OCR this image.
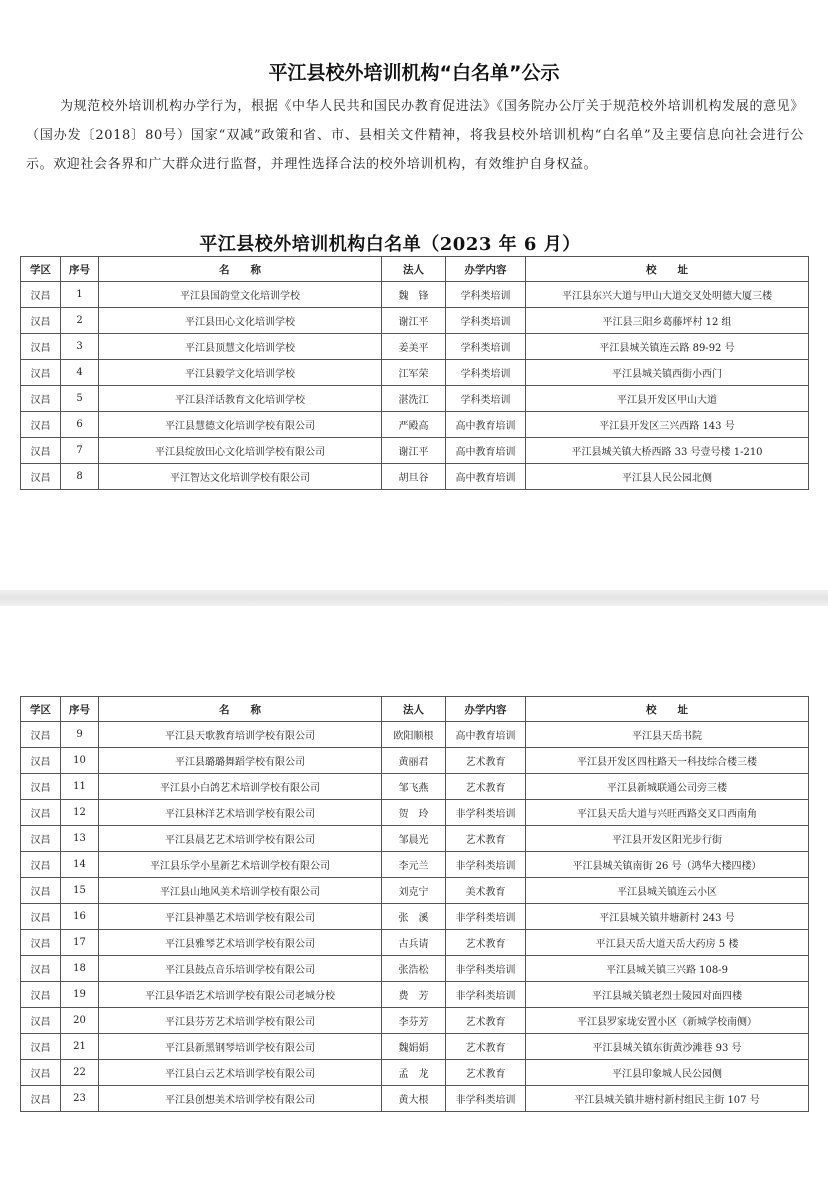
平江县校外培训机构“白名单”公示
为规范校外培训机构办学行为，根据《中华人民共和国民办教育促进法》《国务院办公厅关于规范校外培训机构发展的意见》（国办发〔2018〕80号）国家“双减”政策和省、市、县相关文件精神，将我县校外培训机构“白名单”及主要信息向社会进行公示。欢迎社会各界和广大群众进行监督，并理性选择合法的校外培训机构，有效维护自身权益。
平江县校外培训机构白名单（2023 年 6 月）
学区	序号	名　　称	法人	办学内容	校　　址
汉昌	1	平江县国韵堂文化培训学校	魏　锋	学科类培训	平江县东兴大道与甲山大道交叉处明德大厦三楼
汉昌	2	平江县田心文化培训学校	谢江平	学科类培训	平江县三阳乡葛藤坪村 12 组
汉昌	3	平江县顶慧文化培训学校	姜美平	学科类培训	平江县城关镇连云路 89-92 号
汉昌	4	平江县毅学文化培训学校	江军荣	学科类培训	平江县城关镇西街小西门
汉昌	5	平江县洋话教育文化培训学校	湛洗江	学科类培训	平江县开发区甲山大道
汉昌	6	平江县慧德文化培训学校有限公司	严殿高	高中教育培训	平江县开发区三兴西路 143 号
汉昌	7	平江县绽放田心文化培训学校有限公司	谢江平	高中教育培训	平江县城关镇大桥西路 33 号壹号楼 1-210
汉昌	8	平江智达文化培训学校有限公司	胡旦谷	高中教育培训	平江县人民公园北侧
学区	序号	名　　称	法人	办学内容	校　　址
汉昌	9	平江县天歌教育培训学校有限公司	欧阳顺根	高中教育培训	平江县天岳书院
汉昌	10	平江县璐璐舞蹈学校有限公司	黄丽君	艺术教育	平江县开发区四柱路天一科技综合楼三楼
汉昌	11	平江县小白鸽艺术培训学校有限公司	邹飞燕	艺术教育	平江县新城联通公司旁三楼
汉昌	12	平江县林洋艺术培训学校有限公司	贺　玲	非学科类培训	平江县天岳大道与兴旺西路交叉口西南角
汉昌	13	平江县晨艺艺术培训学校有限公司	邹晨光	艺术教育	平江县开发区阳光步行街
汉昌	14	平江县乐学小星新艺术培训学校有限公司	李元兰	非学科类培训	平江县城关镇南街 26 号（鸿华大楼四楼）
汉昌	15	平江县山地风美术培训学校有限公司	刘克宁	美术教育	平江县城关镇连云小区
汉昌	16	平江县神墨艺术培训学校有限公司	张　溪	非学科类培训	平江县城关镇井塘新村 243 号
汉昌	17	平江县雅琴艺术培训学校有限公司	古兵请	艺术教育	平江县天岳大道天岳大药房 5 楼
汉昌	18	平江县鼓点音乐培训学校有限公司	张浩松	非学科类培训	平江县城关镇三兴路 108-9
汉昌	19	平江县华语艺术培训学校有限公司老城分校	费　芳	非学科类培训	平江县城关镇老烈士陵园对面四楼
汉昌	20	平江县芬芳艺术培训学校有限公司	李芬芳	艺术教育	平江县罗家垅安置小区（新城学校南侧）
汉昌	21	平江县新黑钢琴培训学校有限公司	魏娟娟	艺术教育	平江县城关镇东街黄沙滩巷 93 号
汉昌	22	平江县白云艺术培训学校有限公司	孟　龙	艺术教育	平江县印象城人民公园侧
汉昌	23	平江县创想美术培训学校有限公司	黄大根	非学科类培训	平江县城关镇井塘村新村组民主街 107 号
